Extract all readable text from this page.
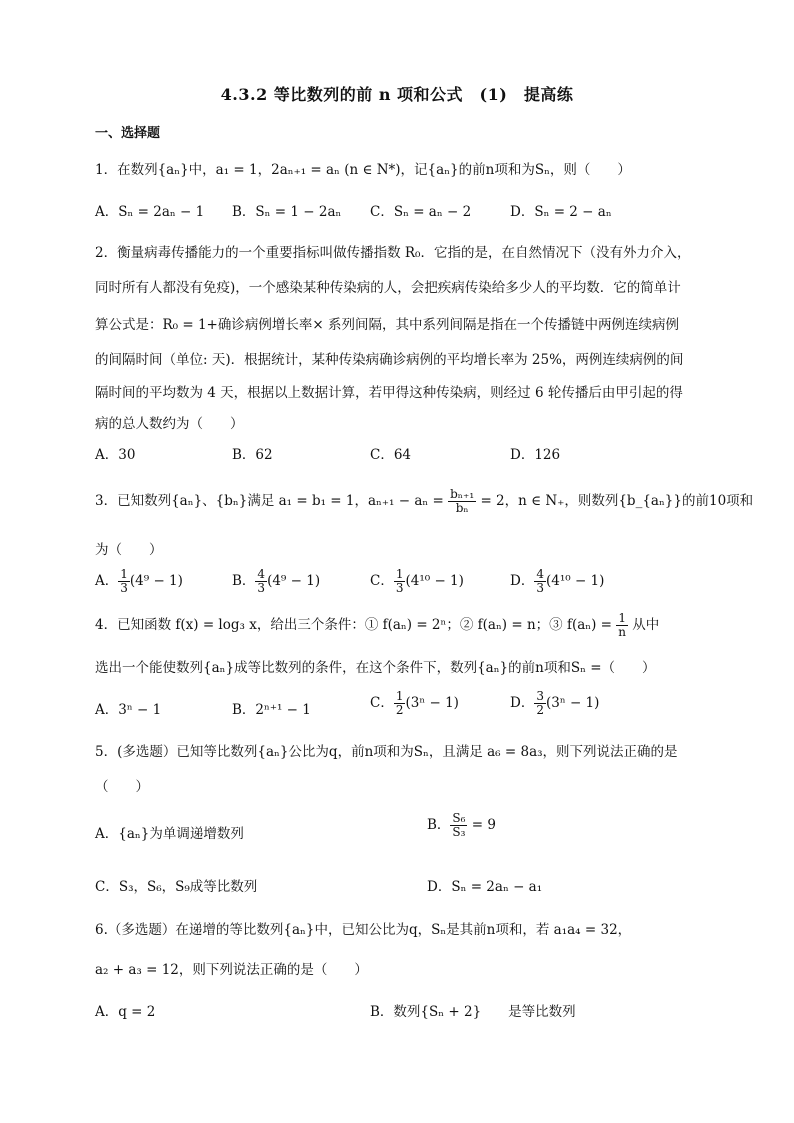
4.3.2 等比数列的前 n 项和公式　(1)　提高练
一、选择题
1．在数列{aₙ}中，a₁ = 1，2aₙ₊₁ = aₙ (n ∈ N*)，记{aₙ}的前n项和为Sₙ，则（　　）
A．Sₙ = 2aₙ − 1 B．Sₙ = 1 − 2aₙ C．Sₙ = aₙ − 2	D．Sₙ = 2 − aₙ
2．衡量病毒传播能力的一个重要指标叫做传播指数 R₀．它指的是，在自然情况下（没有外力介入，
同时所有人都没有免疫)，一个感染某种传染病的人，会把疾病传染给多少人的平均数．它的简单计
算公式是：R₀ = 1+确诊病例增长率× 系列间隔，其中系列间隔是指在一个传播链中两例连续病例
的间隔时间（单位: 天)．根据统计，某种传染病确诊病例的平均增长率为 25%，两例连续病例的间
隔时间的平均数为 4 天，根据以上数据计算，若甲得这种传染病，则经过 6 轮传播后由甲引起的得
病的总人数约为（　　）
A．30	B．62	C．64	D．126
3．已知数列{aₙ}、{bₙ}满足 a₁ = b₁ = 1，$a_{n+1} - a_n = \frac{\text{bₙ₊₁}}{\text{bₙ}} = 2$，n ∈ N₊，则数列{b_{aₙ}}的前10项和
为（　　）
A． $\frac{1}{3} (4^9 - 1)$	B． $\frac{4}{3} (4^9 - 1)$	C． $\frac{1}{3} (4^{10} - 1)$	D． $\frac{4}{3} (4^{10} - 1)$
4．已知函数 f(x) = log₃ x，给出三个条件：① f(aₙ) = 2ⁿ；② f(aₙ) = n；③ $f(a_n) = \frac{1}{n}$ 从中
选出一个能使数列{aₙ}成等比数列的条件，在这个条件下，数列{aₙ}的前n项和Sₙ =（　　）
A．3ⁿ − 1	B．2ⁿ⁺¹ − 1	C． $\frac{1}{2} (3^n - 1)$	D． $\frac{3}{2} (3^n - 1)$
5．(多选题）已知等比数列{aₙ}公比为q，前n项和为Sₙ，且满足 a₆ = 8a₃，则下列说法正确的是
（　　）
A．{aₙ}为单调递增数列
B． $\frac{\text{S₆}}{\text{S₃}} = 9$
C．S₃，S₆，S₉成等比数列	D．Sₙ = 2aₙ − a₁
6.（多选题）在递增的等比数列{aₙ}中，已知公比为q，Sₙ是其前n项和，若 a₁a₄ = 32，
a₂ + a₃ = 12，则下列说法正确的是（　　）
A．q = 2	B．数列{Sₙ + 2}　　是等比数列
